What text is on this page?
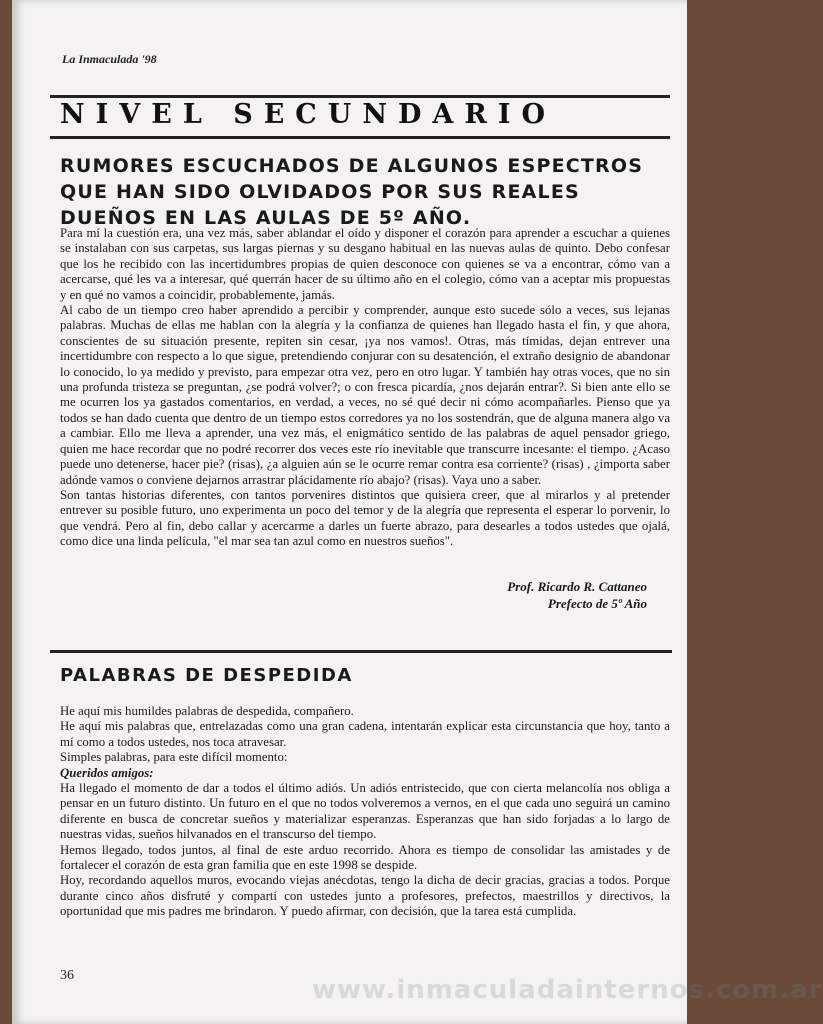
La Inmaculada '98
NIVEL SECUNDARIO
RUMORES ESCUCHADOS DE ALGUNOS ESPECTROS QUE HAN SIDO OLVIDADOS POR SUS REALES DUEÑOS EN LAS AULAS DE 5º AÑO.

Para mí la cuestión era, una vez más, saber ablandar el oído y disponer el corazón para aprender a escuchar a quienes se instalaban con sus carpetas, sus largas piernas y su desgano habitual en las nuevas aulas de quinto. Debo confesar que los he recibido con las incertidumbres propias de quien desconoce con quienes se va a encontrar, cómo van a acercarse, qué les va a interesar, qué querrán hacer de su último año en el colegio, cómo van a aceptar mis propuestas y en qué no vamos a coincidir, probablemente, jamás.

Al cabo de un tiempo creo haber aprendido a percibir y comprender, aunque esto sucede sólo a veces, sus lejanas palabras. Muchas de ellas me hablan con la alegría y la confianza de quienes han llegado hasta el fin, y que ahora, conscientes de su situación presente, repiten sin cesar, ¡ya nos vamos!. Otras, más tímidas, dejan entrever una incertidumbre con respecto a lo que sigue, pretendiendo conjurar con su desatención, el extraño designio de abandonar lo conocido, lo ya medido y previsto, para empezar otra vez, pero en otro lugar. Y también hay otras voces, que no sin una profunda tristeza se preguntan, ¿se podrá volver?; o con fresca picardía, ¿nos dejarán entrar?. Si bien ante ello se me ocurren los ya gastados comentarios, en verdad, a veces, no sé qué decir ni cómo acompañarles. Pienso que ya todos se han dado cuenta que dentro de un tiempo estos corredores ya no los sostendrán, que de alguna manera algo va a cambiar. Ello me lleva a aprender, una vez más, el enigmático sentido de las palabras de aquel pensador griego, quien me hace recordar que no podré recorrer dos veces este río inevitable que transcurre incesante: el tiempo. ¿Acaso puede uno detenerse, hacer pie? (risas), ¿a alguien aún se le ocurre remar contra esa corriente? (risas) , ¿importa saber adónde vamos o conviene dejarnos arrastrar plácidamente río abajo? (risas). Vaya uno a saber.

Son tantas historias diferentes, con tantos porvenires distintos que quisiera creer, que al mirarlos y al pretender entrever su posible futuro, uno experimenta un poco del temor y de la alegría que representa el esperar lo porvenir, lo que vendrá. Pero al fin, debo callar y acercarme a darles un fuerte abrazo, para desearles a todos ustedes que ojalá, como dice una linda película, "el mar sea tan azul como en nuestros sueños".

Prof. Ricardo R. Cattaneo
Prefecto de 5º Año
PALABRAS DE DESPEDIDA

He aquí mis humildes palabras de despedida, compañero.

He aquí mis palabras que, entrelazadas como una gran cadena, intentarán explicar esta circunstancia que hoy, tanto a mí como a todos ustedes, nos toca atravesar.

Simples palabras, para este difícil momento:

Queridos amigos:

Ha llegado el momento de dar a todos el último adiós. Un adiós entristecido, que con cierta melancolía nos obliga a pensar en un futuro distinto. Un futuro en el que no todos volveremos a vernos, en el que cada uno seguirá un camino diferente en busca de concretar sueños y materializar esperanzas. Esperanzas que han sido forjadas a lo largo de nuestras vidas, sueños hilvanados en el transcurso del tiempo.

Hemos llegado, todos juntos, al final de este arduo recorrido. Ahora es tiempo de consolidar las amistades y de fortalecer el corazón de esta gran familia que en este 1998 se despide.

Hoy, recordando aquellos muros, evocando viejas anécdotas, tengo la dicha de decir gracias, gracias a todos. Porque durante cinco años disfruté y compartí con ustedes junto a profesores, prefectos, maestrillos y directivos, la oportunidad que mis padres me brindaron. Y puedo afirmar, con decisión, que la tarea está cumplida.

36	www.inmaculadainternos.com.ar
